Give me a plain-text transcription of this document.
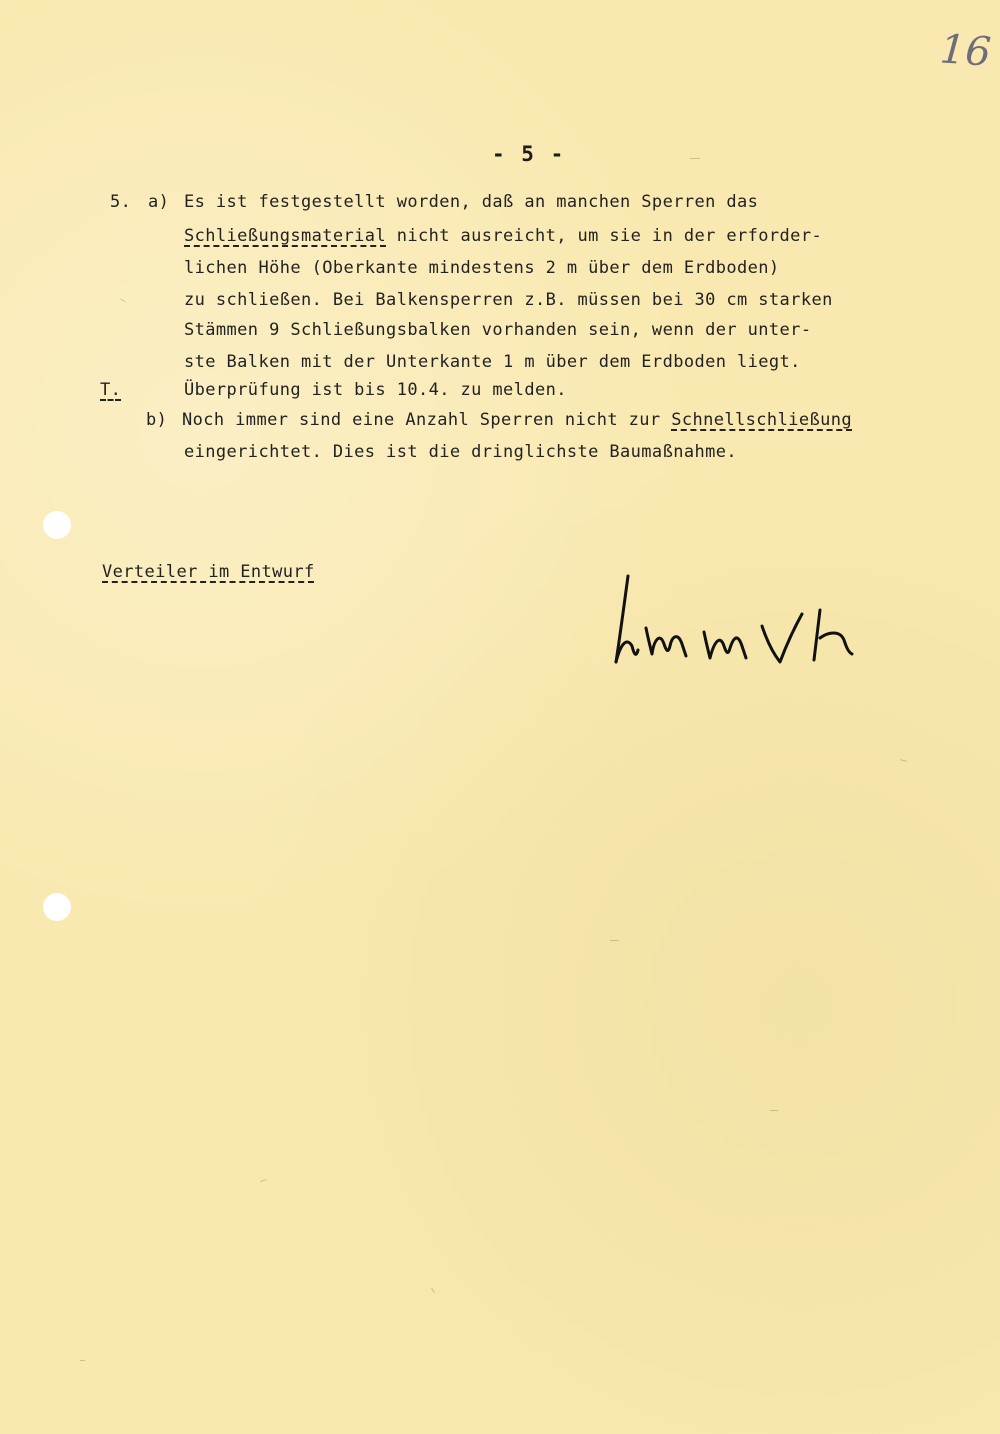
16
- 5 -
5. a) Es ist festgestellt worden, daß an manchen Sperren das
Schließungsmaterial nicht ausreicht, um sie in der erforder-
lichen Höhe (Oberkante mindestens 2 m über dem Erdboden)
zu schließen. Bei Balkensperren z.B. müssen bei 30 cm starken
Stämmen 9 Schließungsbalken vorhanden sein, wenn der unter-
ste Balken mit der Unterkante 1 m über dem Erdboden liegt.
T.	Überprüfung ist bis 10.4. zu melden.
b) Noch immer sind eine Anzahl Sperren nicht zur Schnellschließung
eingerichtet. Dies ist die dringlichste Baumaßnahme.
Verteiler im Entwurf
